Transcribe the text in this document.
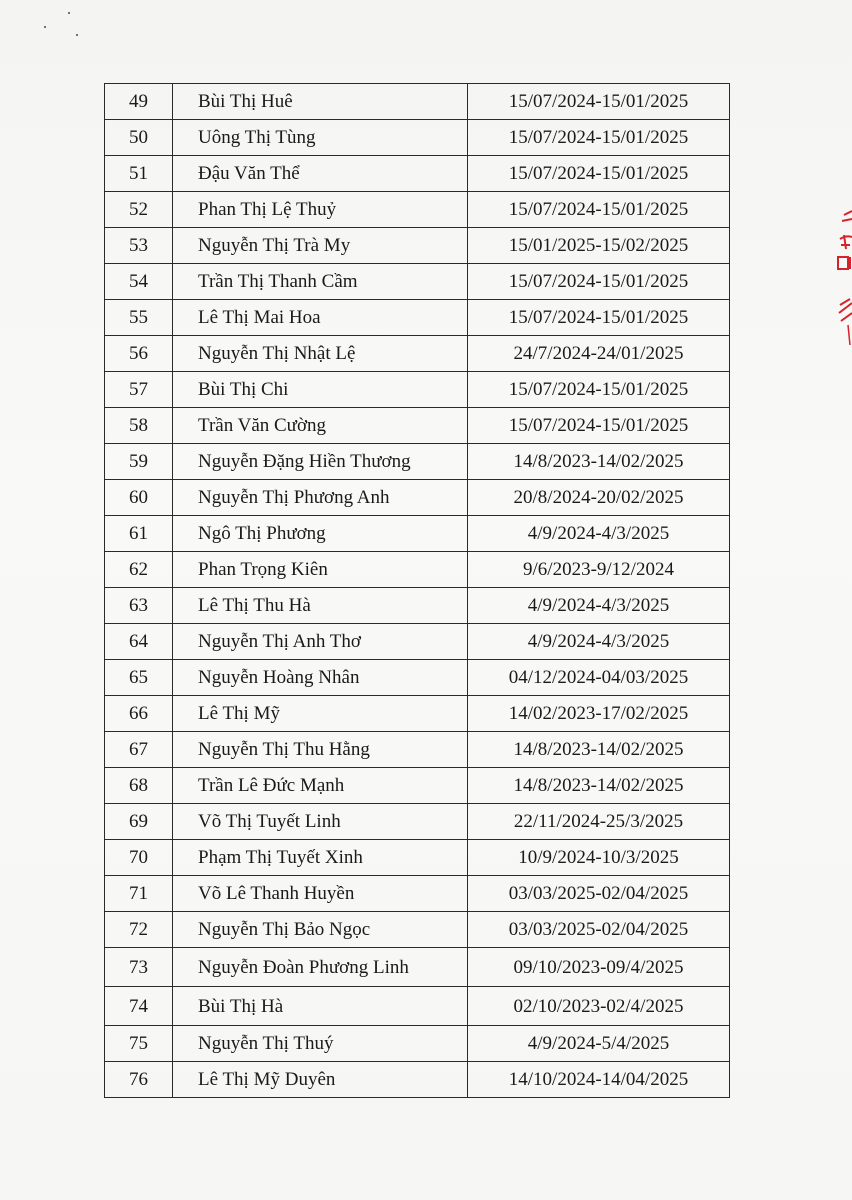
49	Bùi Thị Huê	15/07/2024-15/01/2025
50	Uông Thị Tùng	15/07/2024-15/01/2025
51	Đậu Văn Thể	15/07/2024-15/01/2025
52	Phan Thị Lệ Thuỷ	15/07/2024-15/01/2025
53	Nguyễn Thị Trà My	15/01/2025-15/02/2025
54	Trần Thị Thanh Cầm	15/07/2024-15/01/2025
55	Lê Thị Mai Hoa	15/07/2024-15/01/2025
56	Nguyễn Thị Nhật Lệ	24/7/2024-24/01/2025
57	Bùi Thị Chi	15/07/2024-15/01/2025
58	Trần Văn Cường	15/07/2024-15/01/2025
59	Nguyễn Đặng Hiền Thương	14/8/2023-14/02/2025
60	Nguyễn Thị Phương Anh	20/8/2024-20/02/2025
61	Ngô Thị Phương	4/9/2024-4/3/2025
62	Phan Trọng Kiên	9/6/2023-9/12/2024
63	Lê Thị Thu Hà	4/9/2024-4/3/2025
64	Nguyễn Thị Anh Thơ	4/9/2024-4/3/2025
65	Nguyễn Hoàng Nhân	04/12/2024-04/03/2025
66	Lê Thị Mỹ	14/02/2023-17/02/2025
67	Nguyễn Thị Thu Hằng	14/8/2023-14/02/2025
68	Trần Lê Đức Mạnh	14/8/2023-14/02/2025
69	Võ Thị Tuyết Linh	22/11/2024-25/3/2025
70	Phạm Thị Tuyết Xinh	10/9/2024-10/3/2025
71	Võ Lê Thanh Huyền	03/03/2025-02/04/2025
72	Nguyễn Thị Bảo Ngọc	03/03/2025-02/04/2025
73	Nguyễn Đoàn Phương Linh	09/10/2023-09/4/2025
74	Bùi Thị Hà	02/10/2023-02/4/2025
75	Nguyễn Thị Thuý	4/9/2024-5/4/2025
76	Lê Thị Mỹ Duyên	14/10/2024-14/04/2025
